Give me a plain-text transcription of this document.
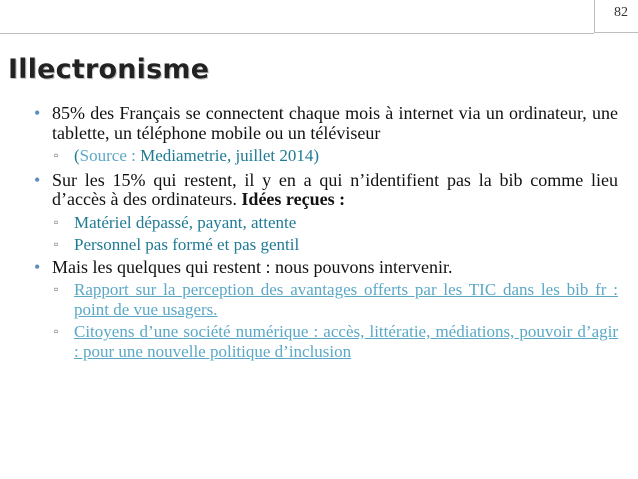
82
Illectronisme

• 85% des Français se connectent chaque mois à internet via un ordinateur, une tablette, un téléphone mobile ou un téléviseur

▫ (Source : Mediametrie, juillet 2014)

• Sur les 15% qui restent, il y en a qui n’identifient pas la bib comme lieu d’accès à des ordinateurs. Idées reçues :

▫ Matériel dépassé, payant, attente
▫ Personnel pas formé et pas gentil

• Mais les quelques qui restent : nous pouvons intervenir.

▫ Rapport sur la perception des avantages offerts par les TIC dans les bib fr : point de vue usagers.
▫ Citoyens d’une société numérique : accès, littératie, médiations, pouvoir d’agir : pour une nouvelle politique d’inclusion
